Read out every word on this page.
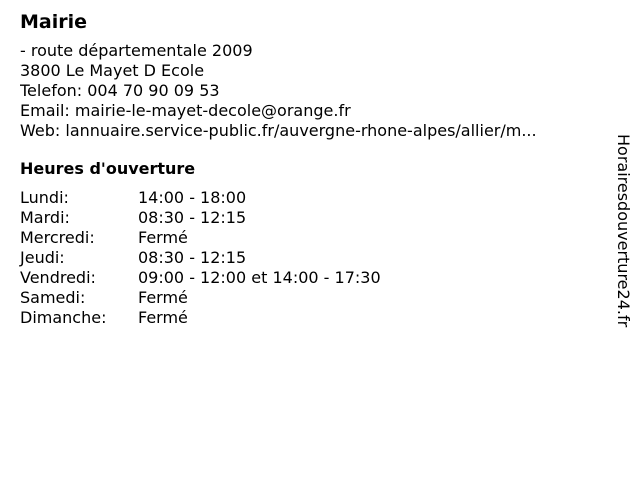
Mairie
- route départementale 2009
3800 Le Mayet D Ecole
Telefon: 004 70 90 09 53
Email: mairie-le-mayet-decole@orange.fr
Web: lannuaire.service-public.fr/auvergne-rhone-alpes/allier/m...
Heures d'ouverture
Lundi:	14:00 - 18:00
Mardi:	08:30 - 12:15
Mercredi:	Fermé
Jeudi:	08:30 - 12:15
Vendredi:	09:00 - 12:00 et 14:00 - 17:30
Samedi:	Fermé
Dimanche:	Fermé	Horairesdouverture24.fr
